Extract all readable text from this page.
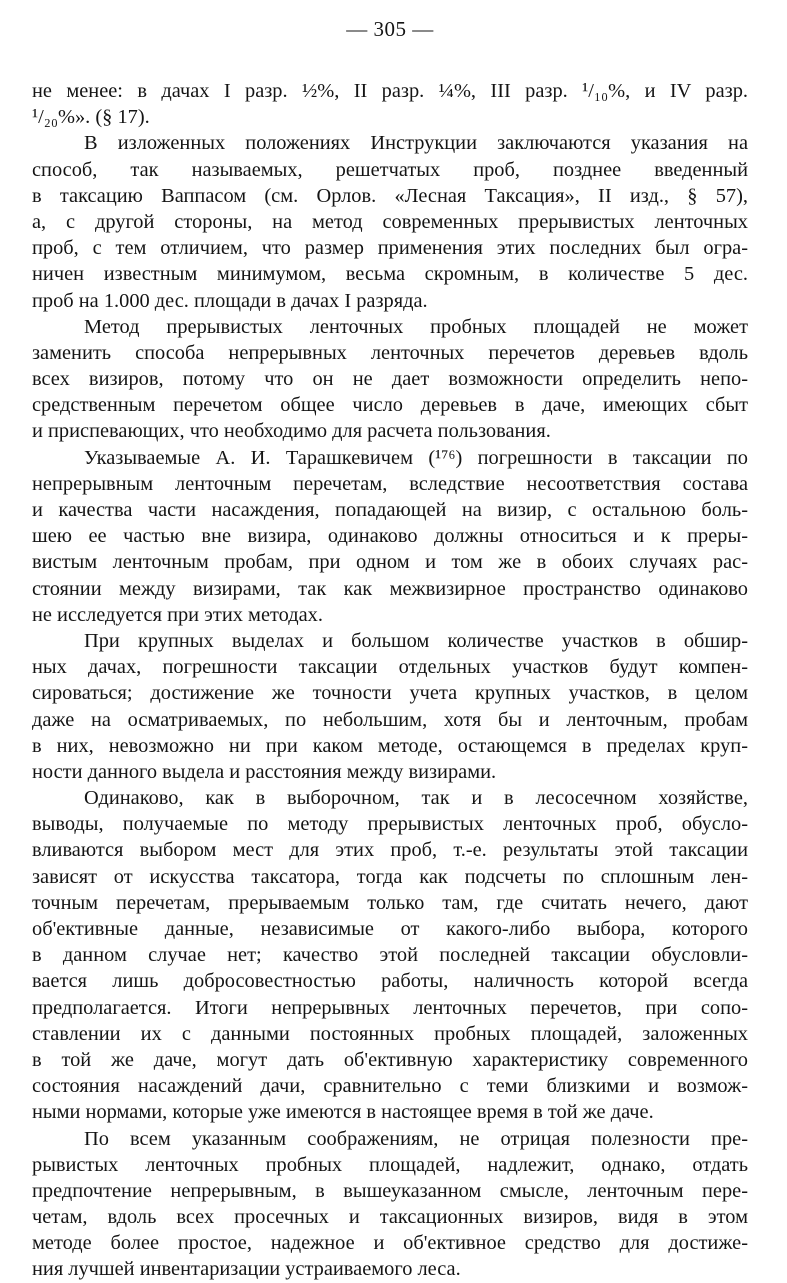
— 305 —
не менее: в дачах I разр. ½%, II разр. ¼%, III разр. ¹/₁₀%, и IV разр.
¹/₂₀%». (§ 17).
В изложенных положениях Инструкции заключаются указания на
способ, так называемых, решетчатых проб, позднее введенный
в таксацию Ваппасом (см. Орлов. «Лесная Таксация», II изд., § 57),
а, с другой стороны, на метод современных прерывистых ленточных
проб, с тем отличием, что размер применения этих последних был огра-
ничен известным минимумом, весьма скромным, в количестве 5 дес.
проб на 1.000 дес. площади в дачах I разряда.
Метод прерывистых ленточных пробных площадей не может
заменить способа непрерывных ленточных перечетов деревьев вдоль
всех визиров, потому что он не дает возможности определить непо-
средственным перечетом общее число деревьев в даче, имеющих сбыт
и приспевающих, что необходимо для расчета пользования.
Указываемые А. И. Тарашкевичем (¹⁷⁶) погрешности в таксации по
непрерывным ленточным перечетам, вследствие несоответствия состава
и качества части насаждения, попадающей на визир, с остальною боль-
шею ее частью вне визира, одинаково должны относиться и к преры-
вистым ленточным пробам, при одном и том же в обоих случаях рас-
стоянии между визирами, так как межвизирное пространство одинаково
не исследуется при этих методах.
При крупных выделах и большом количестве участков в обшир-
ных дачах, погрешности таксации отдельных участков будут компен-
сироваться; достижение же точности учета крупных участков, в целом
даже на осматриваемых, по небольшим, хотя бы и ленточным, пробам
в них, невозможно ни при каком методе, остающемся в пределах круп-
ности данного выдела и расстояния между визирами.
Одинаково, как в выборочном, так и в лесосечном хозяйстве,
выводы, получаемые по методу прерывистых ленточных проб, обусло-
вливаются выбором мест для этих проб, т.-е. результаты этой таксации
зависят от искусства таксатора, тогда как подсчеты по сплошным лен-
точным перечетам, прерываемым только там, где считать нечего, дают
об'ективные данные, независимые от какого-либо выбора, которого
в данном случае нет; качество этой последней таксации обусловли-
вается лишь добросовестностью работы, наличность которой всегда
предполагается. Итоги непрерывных ленточных перечетов, при сопо-
ставлении их с данными постоянных пробных площадей, заложенных
в той же даче, могут дать об'ективную характеристику современного
состояния насаждений дачи, сравнительно с теми близкими и возмож-
ными нормами, которые уже имеются в настоящее время в той же даче.
По всем указанным соображениям, не отрицая полезности пре-
рывистых ленточных пробных площадей, надлежит, однако, отдать
предпочтение непрерывным, в вышеуказанном смысле, ленточным пере-
четам, вдоль всех просечных и таксационных визиров, видя в этом
методе более простое, надежное и об'ективное средство для достиже-
ния лучшей инвентаризации устраиваемого леса.
